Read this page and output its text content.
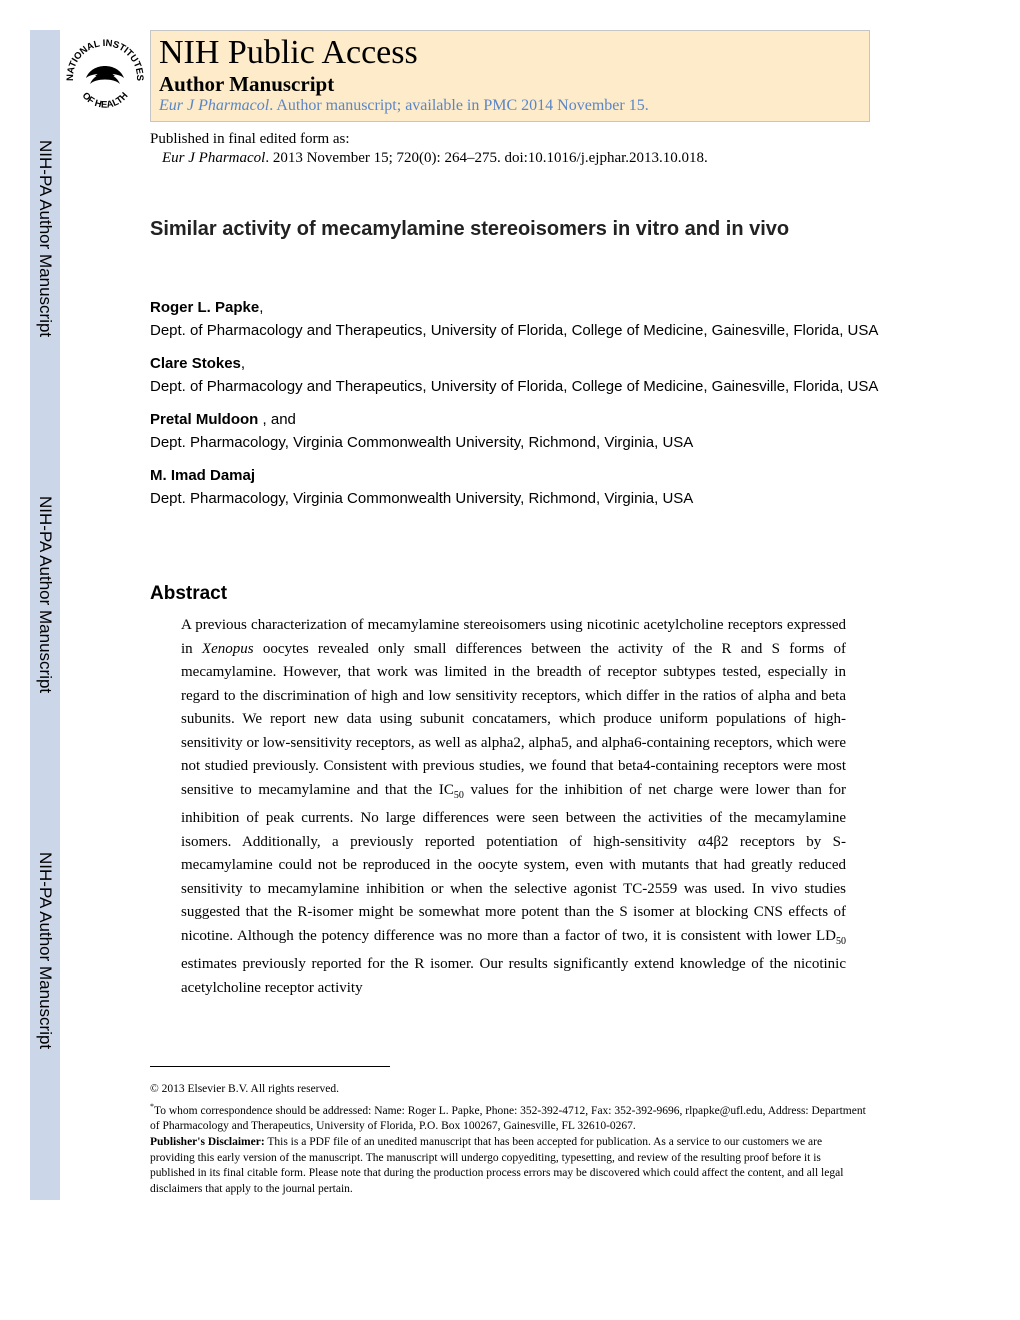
NIH-PA Author Manuscript
NIH-PA Author Manuscript
NIH-PA Author Manuscript
NATIONAL INSTITUTES
OF HEALTH
NIH Public Access
Author Manuscript
Eur J Pharmacol. Author manuscript; available in PMC 2014 November 15.
Published in final edited form as:
Eur J Pharmacol. 2013 November 15; 720(0): 264–275. doi:10.1016/j.ejphar.2013.10.018.
Similar activity of mecamylamine stereoisomers in vitro and in vivo
Roger L. Papke,
Dept. of Pharmacology and Therapeutics, University of Florida, College of Medicine, Gainesville, Florida, USA
Clare Stokes,
Dept. of Pharmacology and Therapeutics, University of Florida, College of Medicine, Gainesville, Florida, USA
Pretal Muldoon , and
Dept. Pharmacology, Virginia Commonwealth University, Richmond, Virginia, USA
M. Imad Damaj
Dept. Pharmacology, Virginia Commonwealth University, Richmond, Virginia, USA
Abstract
A previous characterization of mecamylamine stereoisomers using nicotinic acetylcholine receptors expressed in Xenopus oocytes revealed only small differences between the activity of the R and S forms of mecamylamine. However, that work was limited in the breadth of receptor subtypes tested, especially in regard to the discrimination of high and low sensitivity receptors, which differ in the ratios of alpha and beta subunits. We report new data using subunit concatamers, which produce uniform populations of high-sensitivity or low-sensitivity receptors, as well as alpha2, alpha5, and alpha6-containing receptors, which were not studied previously. Consistent with previous studies, we found that beta4-containing receptors were most sensitive to mecamylamine and that the $IC_{50}$ values for the inhibition of net charge were lower than for inhibition of peak currents. No large differences were seen between the activities of the mecamylamine isomers. Additionally, a previously reported potentiation of high-sensitivity α4β2 receptors by S-mecamylamine could not be reproduced in the oocyte system, even with mutants that had greatly reduced sensitivity to mecamylamine inhibition or when the selective agonist TC-2559 was used. In vivo studies suggested that the R-isomer might be somewhat more potent than the S isomer at blocking CNS effects of nicotine. Although the potency difference was no more than a factor of two, it is consistent with lower $LD_{50}$ estimates previously reported for the R isomer. Our results significantly extend knowledge of the nicotinic acetylcholine receptor activity

© 2013 Elsevier B.V. All rights reserved.

*To whom correspondence should be addressed: Name: Roger L. Papke, Phone: 352-392-4712, Fax: 352-392-9696, rlpapke@ufl.edu, Address: Department of Pharmacology and Therapeutics, University of Florida, P.O. Box 100267, Gainesville, FL 32610-0267.

Publisher's Disclaimer: This is a PDF file of an unedited manuscript that has been accepted for publication. As a service to our customers we are providing this early version of the manuscript. The manuscript will undergo copyediting, typesetting, and review of the resulting proof before it is published in its final citable form. Please note that during the production process errors may be discovered which could affect the content, and all legal disclaimers that apply to the journal pertain.
